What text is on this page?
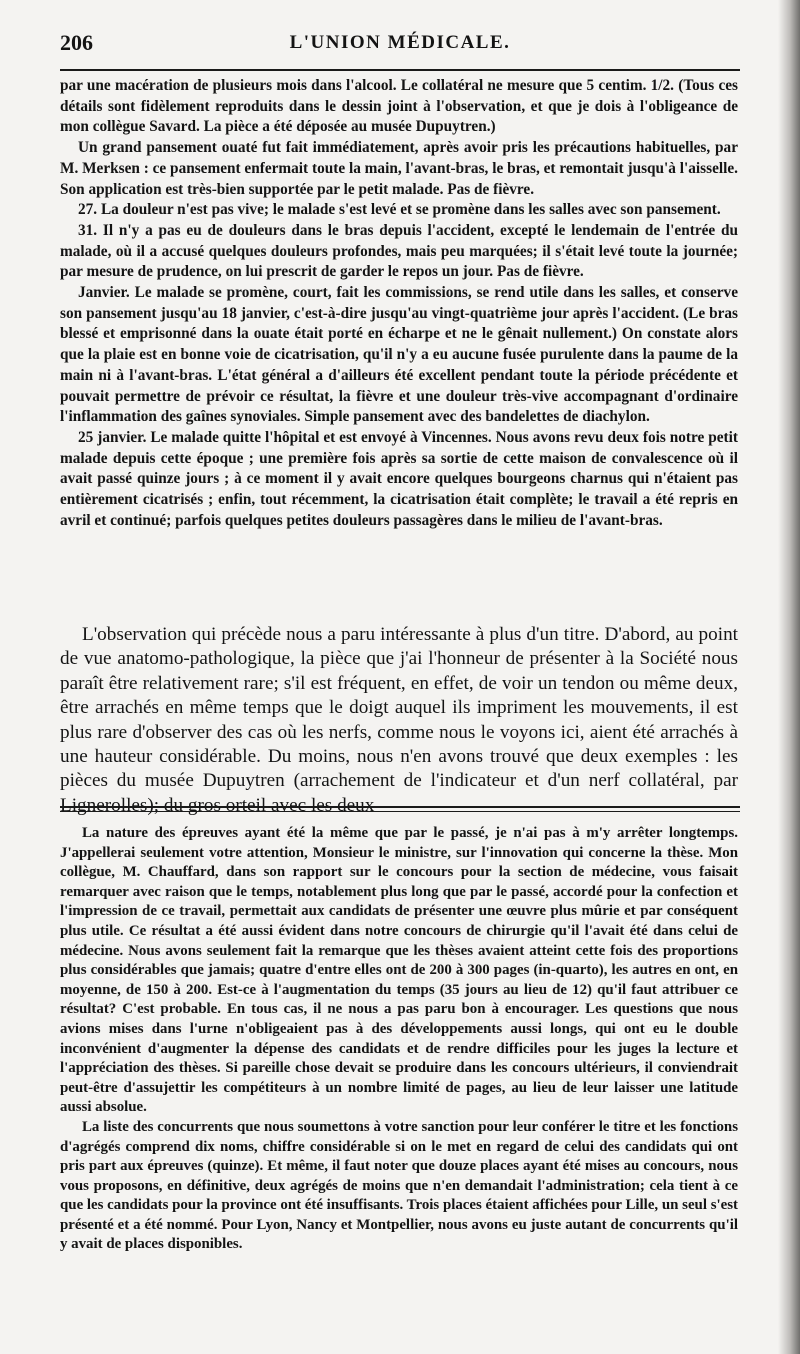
206	L'UNION MÉDICALE.

par une macération de plusieurs mois dans l'alcool. Le collatéral ne mesure que 5 centim. 1/2. (Tous ces détails sont fidèlement reproduits dans le dessin joint à l'observation, et que je dois à l'obligeance de mon collègue Savard. La pièce a été déposée au musée Dupuytren.)

Un grand pansement ouaté fut fait immédiatement, après avoir pris les précautions habituelles, par M. Merksen : ce pansement enfermait toute la main, l'avant-bras, le bras, et remontait jusqu'à l'aisselle. Son application est très-bien supportée par le petit malade. Pas de fièvre.

27. La douleur n'est pas vive; le malade s'est levé et se promène dans les salles avec son pansement.

31. Il n'y a pas eu de douleurs dans le bras depuis l'accident, excepté le lendemain de l'entrée du malade, où il a accusé quelques douleurs profondes, mais peu marquées; il s'était levé toute la journée; par mesure de prudence, on lui prescrit de garder le repos un jour. Pas de fièvre.

Janvier. Le malade se promène, court, fait les commissions, se rend utile dans les salles, et conserve son pansement jusqu'au 18 janvier, c'est-à-dire jusqu'au vingt-quatrième jour après l'accident. (Le bras blessé et emprisonné dans la ouate était porté en écharpe et ne le gênait nullement.) On constate alors que la plaie est en bonne voie de cicatrisation, qu'il n'y a eu aucune fusée purulente dans la paume de la main ni à l'avant-bras. L'état général a d'ailleurs été excellent pendant toute la période précédente et pouvait permettre de prévoir ce résultat, la fièvre et une douleur très-vive accompagnant d'ordinaire l'inflammation des gaînes synoviales. Simple pansement avec des bandelettes de diachylon.

25 janvier. Le malade quitte l'hôpital et est envoyé à Vincennes. Nous avons revu deux fois notre petit malade depuis cette époque ; une première fois après sa sortie de cette maison de convalescence où il avait passé quinze jours ; à ce moment il y avait encore quelques bourgeons charnus qui n'étaient pas entièrement cicatrisés ; enfin, tout récemment, la cicatrisation était complète; le travail a été repris en avril et continué; parfois quelques petites douleurs passagères dans le milieu de l'avant-bras.

L'observation qui précède nous a paru intéressante à plus d'un titre. D'abord, au point de vue anatomo-pathologique, la pièce que j'ai l'honneur de présenter à la Société nous paraît être relativement rare; s'il est fréquent, en effet, de voir un tendon ou même deux, être arrachés en même temps que le doigt auquel ils impriment les mouvements, il est plus rare d'observer des cas où les nerfs, comme nous le voyons ici, aient été arrachés à une hauteur considérable. Du moins, nous n'en avons trouvé que deux exemples : les pièces du musée Dupuytren (arrachement de l'indicateur et d'un nerf collatéral, par Lignerolles); du gros orteil avec les deux

La nature des épreuves ayant été la même que par le passé, je n'ai pas à m'y arrêter longtemps. J'appellerai seulement votre attention, Monsieur le ministre, sur l'innovation qui concerne la thèse. Mon collègue, M. Chauffard, dans son rapport sur le concours pour la section de médecine, vous faisait remarquer avec raison que le temps, notablement plus long que par le passé, accordé pour la confection et l'impression de ce travail, permettait aux candidats de présenter une œuvre plus mûrie et par conséquent plus utile. Ce résultat a été aussi évident dans notre concours de chirurgie qu'il l'avait été dans celui de médecine. Nous avons seulement fait la remarque que les thèses avaient atteint cette fois des proportions plus considérables que jamais; quatre d'entre elles ont de 200 à 300 pages (in-quarto), les autres en ont, en moyenne, de 150 à 200. Est-ce à l'augmentation du temps (35 jours au lieu de 12) qu'il faut attribuer ce résultat? C'est probable. En tous cas, il ne nous a pas paru bon à encourager. Les questions que nous avions mises dans l'urne n'obligeaient pas à des développements aussi longs, qui ont eu le double inconvénient d'augmenter la dépense des candidats et de rendre difficiles pour les juges la lecture et l'appréciation des thèses. Si pareille chose devait se produire dans les concours ultérieurs, il conviendrait peut-être d'assujettir les compétiteurs à un nombre limité de pages, au lieu de leur laisser une latitude aussi absolue.

La liste des concurrents que nous soumettons à votre sanction pour leur conférer le titre et les fonctions d'agrégés comprend dix noms, chiffre considérable si on le met en regard de celui des candidats qui ont pris part aux épreuves (quinze). Et même, il faut noter que douze places ayant été mises au concours, nous vous proposons, en définitive, deux agrégés de moins que n'en demandait l'administration; cela tient à ce que les candidats pour la province ont été insuffisants. Trois places étaient affichées pour Lille, un seul s'est présenté et a été nommé. Pour Lyon, Nancy et Montpellier, nous avons eu juste autant de concurrents qu'il y avait de places disponibles.
